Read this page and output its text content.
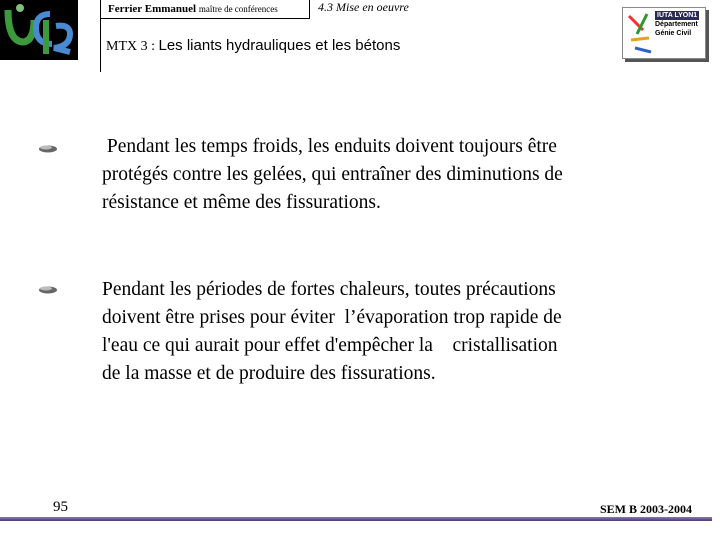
Ferrier Emmanuel maître de conférences	4.3 Mise en oeuvre
MTX 3 : Les liants hydrauliques et les bétons
IUTA LYON1
Département
Génie Civil
Pendant les temps froids, les enduits doivent toujours être
protégés contre les gelées, qui entraîner des diminutions de
résistance et même des fissurations.
Pendant les périodes de fortes chaleurs, toutes précautions
doivent être prises pour éviter  l’évaporation trop rapide de
l'eau ce qui aurait pour effet d'empêcher la    cristallisation
de la masse et de produire des fissurations.
95	SEM B 2003-2004
